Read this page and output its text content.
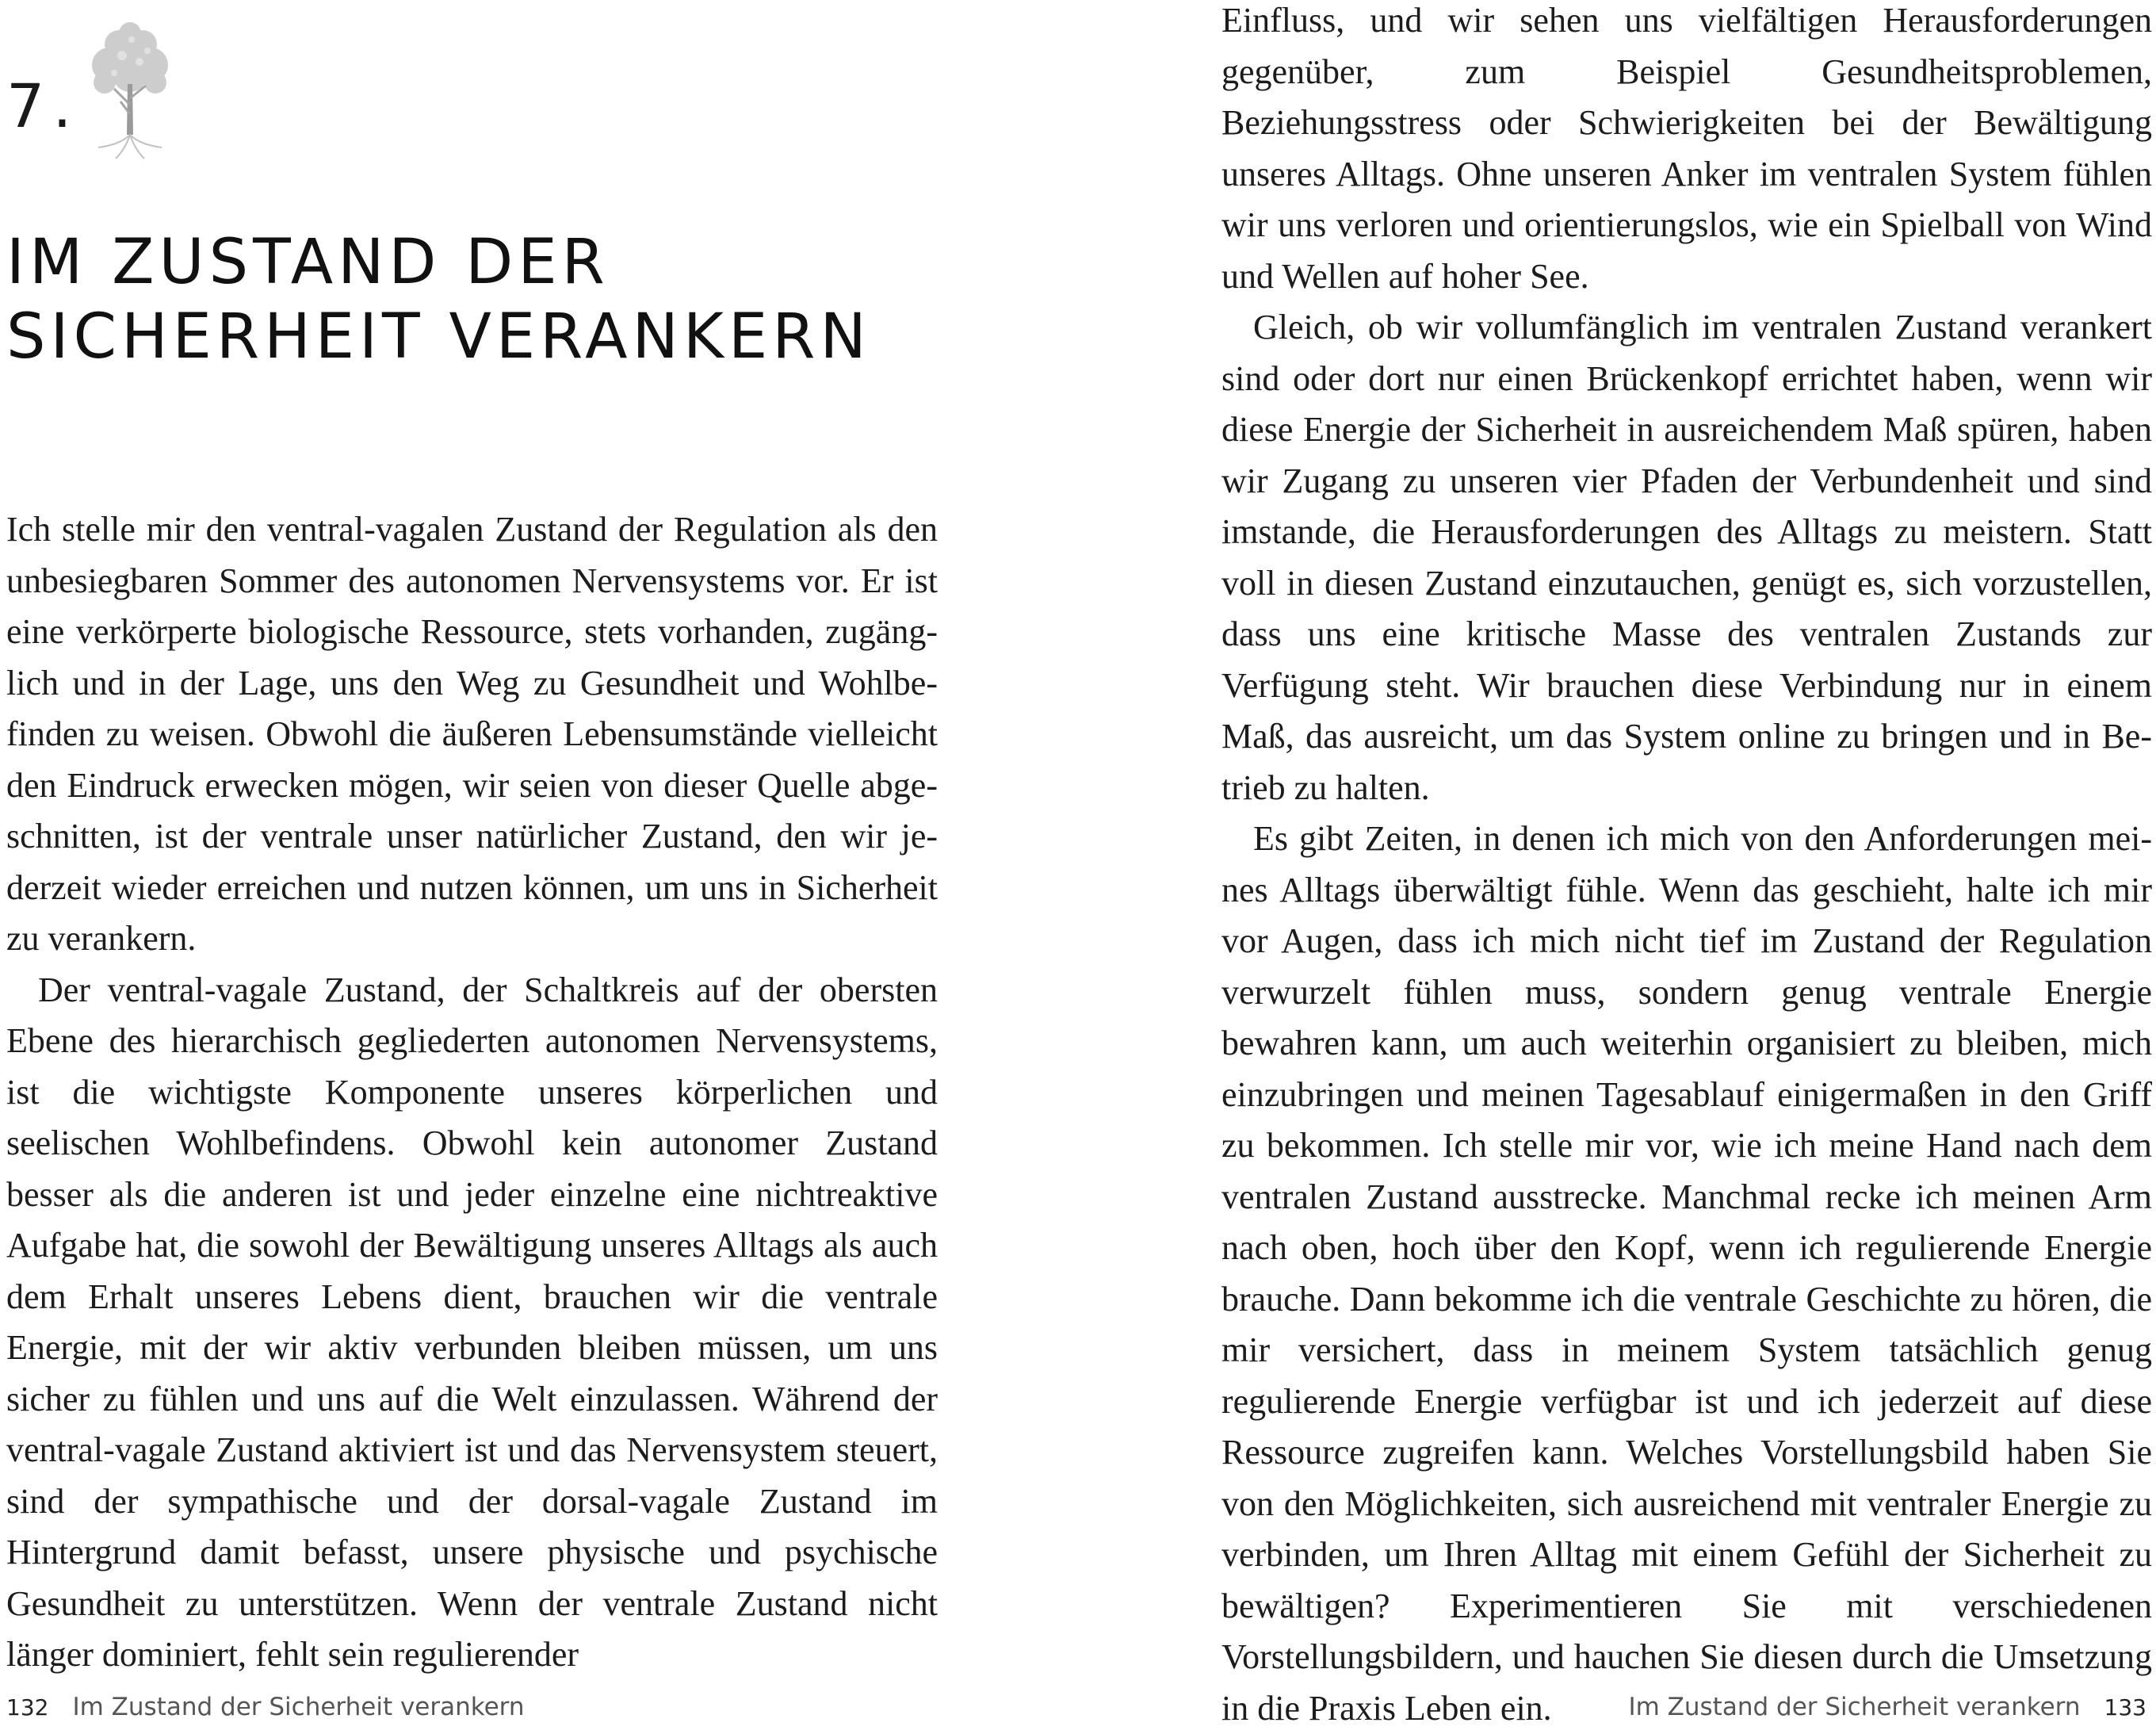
7.
IM ZUSTAND DER
SICHERHEIT VERANKERN

Ich stelle mir den ventral-vagalen Zustand der Regulation als den unbesiegbaren Sommer des autonomen Nervensystems vor. Er ist eine verkörperte biologische Ressource, stets vorhanden, zugänglich und in der Lage, uns den Weg zu Gesundheit und Wohlbefinden zu weisen. Obwohl die äußeren Lebensumstände vielleicht den Eindruck erwecken mögen, wir seien von dieser Quelle abgeschnitten, ist der ventrale unser natürlicher Zustand, den wir jederzeit wieder erreichen und nutzen können, um uns in Sicherheit zu verankern.

Der ventral-vagale Zustand, der Schaltkreis auf der obersten Ebene des hierarchisch gegliederten autonomen Nervensystems, ist die wichtigste Komponente unseres körperlichen und seelischen Wohlbefindens. Obwohl kein autonomer Zustand besser als die anderen ist und jeder einzelne eine nichtreaktive Aufgabe hat, die sowohl der Bewältigung unseres Alltags als auch dem Erhalt unseres Lebens dient, brauchen wir die ventrale Energie, mit der wir aktiv verbunden bleiben müssen, um uns sicher zu fühlen und uns auf die Welt einzulassen. Während der ventral-vagale Zustand aktiviert ist und das Nervensystem steuert, sind der sympathische und der dorsal-vagale Zustand im Hintergrund damit befasst, unsere physische und psychische Gesundheit zu unterstützen. Wenn der ventrale Zustand nicht länger dominiert, fehlt sein regulierender

132 Im Zustand der Sicherheit verankern

Einfluss, und wir sehen uns vielfältigen Herausforderungen gegenüber, zum Beispiel Gesundheitsproblemen, Beziehungsstress oder Schwierigkeiten bei der Bewältigung unseres Alltags. Ohne unseren Anker im ventralen System fühlen wir uns verloren und orientierungslos, wie ein Spielball von Wind und Wellen auf hoher See.

Gleich, ob wir vollumfänglich im ventralen Zustand verankert sind oder dort nur einen Brückenkopf errichtet haben, wenn wir diese Energie der Sicherheit in ausreichendem Maß spüren, haben wir Zugang zu unseren vier Pfaden der Verbundenheit und sind imstande, die Herausforderungen des Alltags zu meistern. Statt voll in diesen Zustand einzutauchen, genügt es, sich vorzustellen, dass uns eine kritische Masse des ventralen Zustands zur Verfügung steht. Wir brauchen diese Verbindung nur in einem Maß, das ausreicht, um das System online zu bringen und in Betrieb zu halten.

Es gibt Zeiten, in denen ich mich von den Anforderungen meines Alltags überwältigt fühle. Wenn das geschieht, halte ich mir vor Augen, dass ich mich nicht tief im Zustand der Regulation verwurzelt fühlen muss, sondern genug ventrale Energie bewahren kann, um auch weiterhin organisiert zu bleiben, mich einzubringen und meinen Tagesablauf einigermaßen in den Griff zu bekommen. Ich stelle mir vor, wie ich meine Hand nach dem ventralen Zustand ausstrecke. Manchmal recke ich meinen Arm nach oben, hoch über den Kopf, wenn ich regulierende Energie brauche. Dann bekomme ich die ventrale Geschichte zu hören, die mir versichert, dass in meinem System tatsächlich genug regulierende Energie verfügbar ist und ich jederzeit auf diese Ressource zugreifen kann. Welches Vorstellungsbild haben Sie von den Möglichkeiten, sich ausreichend mit ventraler Energie zu verbinden, um Ihren Alltag mit einem Gefühl der Sicherheit zu bewältigen? Experimentieren Sie mit verschiedenen Vorstellungsbildern, und hauchen Sie diesen durch die Umsetzung in die Praxis Leben ein.	Im Zustand der Sicherheit verankern 133
